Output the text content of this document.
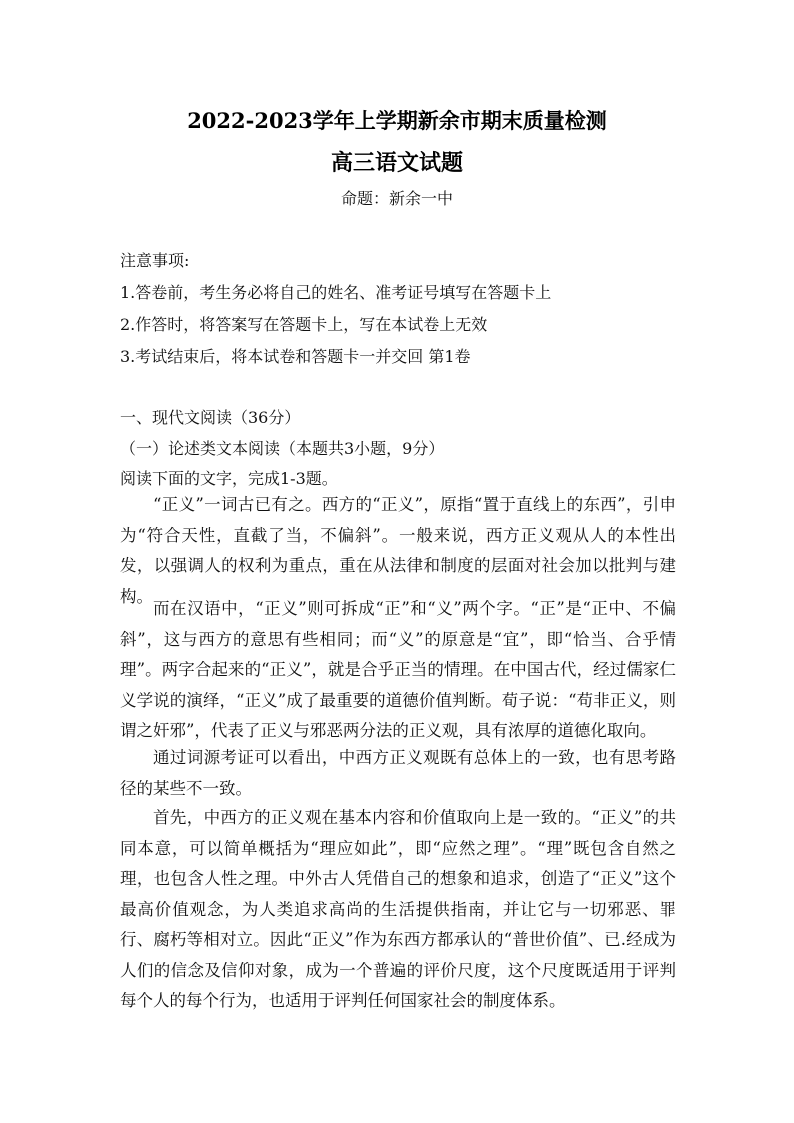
2022-2023学年上学期新余市期末质量检测
高三语文试题
命题：新余一中
注意事项:
1.答卷前，考生务必将自己的姓名、准考证号填写在答题卡上
2.作答时，将答案写在答题卡上，写在本试卷上无效
3.考试结束后，将本试卷和答题卡一并交回 第1卷
一、现代文阅读（36分）
（一）论述类文本阅读（本题共3小题，9分）
阅读下面的文字，完成1-3题。
“正义”一词古已有之。西方的“正义”，原指“置于直线上的东西”，引申为“符合天性，直截了当，不偏斜”。一般来说，西方正义观从人的本性出发，以强调人的权利为重点，重在从法律和制度的层面对社会加以批判与建构。
而在汉语中，“正义”则可拆成“正”和“义”两个字。“正”是“正中、不偏斜”，这与西方的意思有些相同；而“义”的原意是“宜”，即“恰当、合乎情理”。两字合起来的“正义”，就是合乎正当的情理。在中国古代，经过儒家仁义学说的演绎，“正义”成了最重要的道德价值判断。荀子说：“苟非正义，则谓之奸邪”，代表了正义与邪恶两分法的正义观，具有浓厚的道德化取向。
通过词源考证可以看出，中西方正义观既有总体上的一致，也有思考路径的某些不一致。
首先，中西方的正义观在基本内容和价值取向上是一致的。“正义”的共同本意，可以简单概括为“理应如此”，即“应然之理”。“理”既包含自然之理，也包含人性之理。中外古人凭借自己的想象和追求，创造了“正义”这个最高价值观念，为人类追求高尚的生活提供指南，并让它与一切邪恶、罪行、腐朽等相对立。因此“正义”作为东西方都承认的“普世价值”、已.经成为人们的信念及信仰对象，成为一个普遍的评价尺度，这个尺度既适用于评判每个人的每个行为，也适用于评判任何国家社会的制度体系。
